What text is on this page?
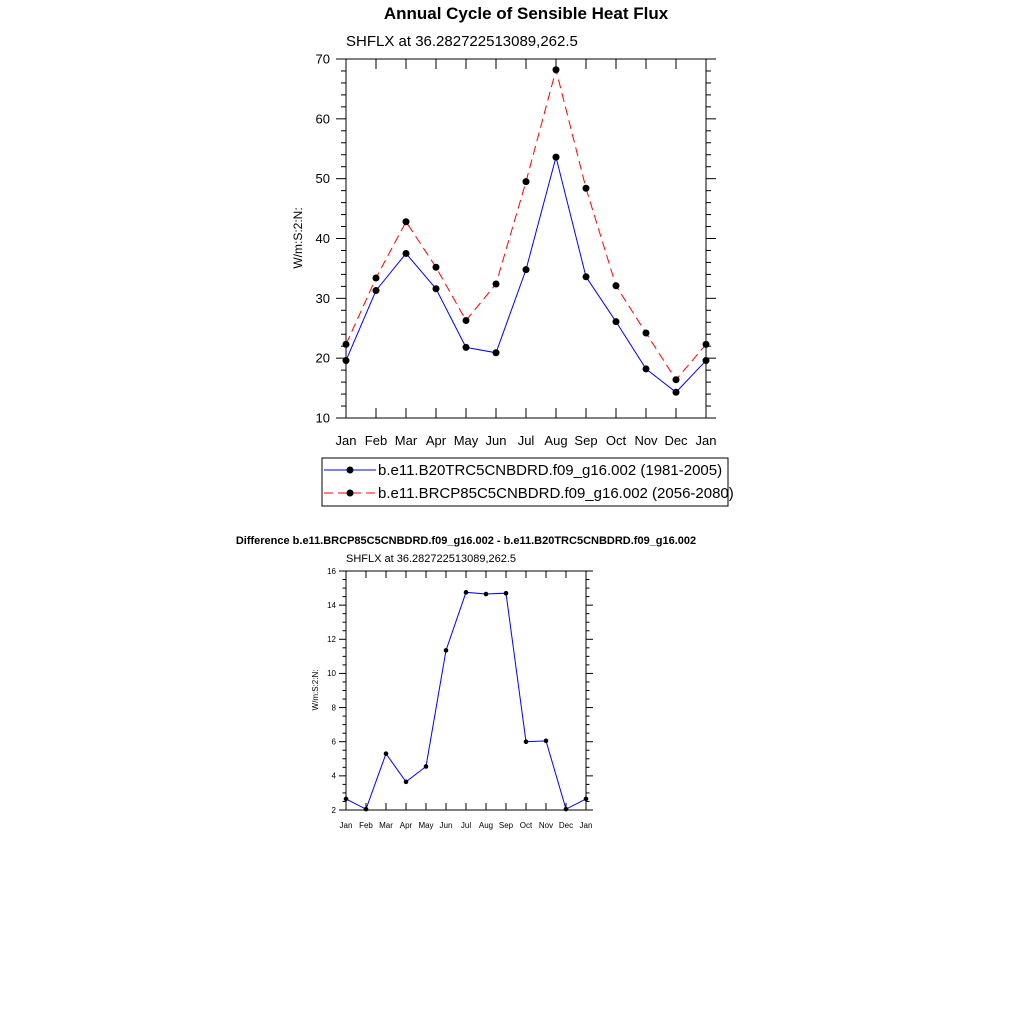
Annual Cycle of Sensible Heat Flux
SHFLX at 36.282722513089,262.5
W/m:S:2:N:
Jan Feb Mar Apr May Jun Jul Aug Sep Oct Nov Dec Jan
10
20
30
40
50
60
70
b.e11.B20TRC5CNBDRD.f09_g16.002 (1981-2005)
b.e11.BRCP85C5CNBDRD.f09_g16.002 (2056-2080)
Difference b.e11.BRCP85C5CNBDRD.f09_g16.002 - b.e11.B20TRC5CNBDRD.f09_g16.002
SHFLX at 36.282722513089,262.5
W/m:S:2:N:
Jan Feb Mar Apr May Jun Jul Aug Sep Oct Nov Dec Jan
2
4
6
8
10
12
14
16
